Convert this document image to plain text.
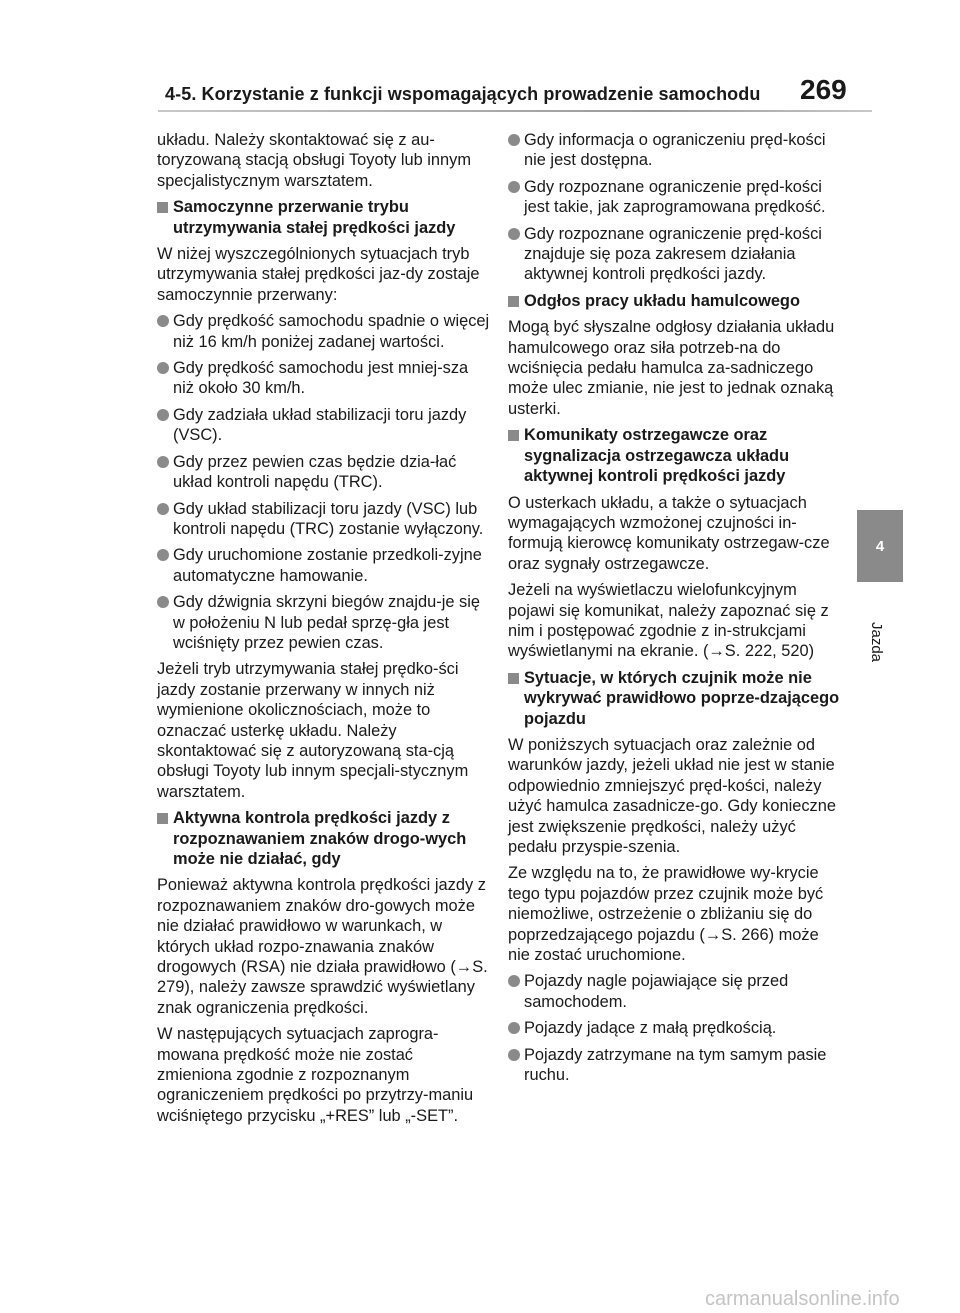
4-5. Korzystanie z funkcji wspomagających prowadzenie samochodu 269
4
Jazda
układu. Należy skontaktować się z au-toryzowaną stacją obsługi Toyoty lub innym specjalistycznym warsztatem.
Samoczynne przerwanie trybu utrzymywania stałej prędkości jazdy
W niżej wyszczególnionych sytuacjach tryb utrzymywania stałej prędkości jaz-dy zostaje samoczynnie przerwany:
Gdy prędkość samochodu spadnie o więcej niż 16 km/h poniżej zadanej wartości.
Gdy prędkość samochodu jest mniej-sza niż około 30 km/h.
Gdy zadziała układ stabilizacji toru jazdy (VSC).
Gdy przez pewien czas będzie dzia-łać układ kontroli napędu (TRC).
Gdy układ stabilizacji toru jazdy (VSC) lub kontroli napędu (TRC) zostanie wyłączony.
Gdy uruchomione zostanie przedkoli-zyjne automatyczne hamowanie.
Gdy dźwignia skrzyni biegów znajdu-je się w położeniu N lub pedał sprzę-gła jest wciśnięty przez pewien czas.
Jeżeli tryb utrzymywania stałej prędko-ści jazdy zostanie przerwany w innych niż wymienione okolicznościach, może to oznaczać usterkę układu. Należy skontaktować się z autoryzowaną sta-cją obsługi Toyoty lub innym specjali-stycznym warsztatem.
Aktywna kontrola prędkości jazdy z rozpoznawaniem znaków drogo-wych może nie działać, gdy
Ponieważ aktywna kontrola prędkości jazdy z rozpoznawaniem znaków dro-gowych może nie działać prawidłowo w warunkach, w których układ rozpo-znawania znaków drogowych (RSA) nie działa prawidłowo (→S. 279), należy zawsze sprawdzić wyświetlany znak ograniczenia prędkości.
W następujących sytuacjach zaprogra-mowana prędkość może nie zostać zmieniona zgodnie z rozpoznanym ograniczeniem prędkości po przytrzy-maniu wciśniętego przycisku „+RES” lub „-SET”.
Gdy informacja o ograniczeniu pręd-kości nie jest dostępna.
Gdy rozpoznane ograniczenie pręd-kości jest takie, jak zaprogramowana prędkość.
Gdy rozpoznane ograniczenie pręd-kości znajduje się poza zakresem działania aktywnej kontroli prędkości jazdy.
Odgłos pracy układu hamulcowego
Mogą być słyszalne odgłosy działania układu hamulcowego oraz siła potrzeb-na do wciśnięcia pedału hamulca za-sadniczego może ulec zmianie, nie jest to jednak oznaką usterki.
Komunikaty ostrzegawcze oraz sygnalizacja ostrzegawcza układu aktywnej kontroli prędkości jazdy
O usterkach układu, a także o sytuacjach wymagających wzmożonej czujności in-formują kierowcę komunikaty ostrzegaw-cze oraz sygnały ostrzegawcze.
Jeżeli na wyświetlaczu wielofunkcyjnym pojawi się komunikat, należy zapoznać się z nim i postępować zgodnie z in-strukcjami wyświetlanymi na ekranie. (→S. 222, 520)
Sytuacje, w których czujnik może nie wykrywać prawidłowo poprze-dzającego pojazdu
W poniższych sytuacjach oraz zależnie od warunków jazdy, jeżeli układ nie jest w stanie odpowiednio zmniejszyć pręd-kości, należy użyć hamulca zasadnicze-go. Gdy konieczne jest zwiększenie prędkości, należy użyć pedału przyspie-szenia.
Ze względu na to, że prawidłowe wy-krycie tego typu pojazdów przez czujnik może być niemożliwe, ostrzeżenie o zbliżaniu się do poprzedzającego pojazdu (→S. 266) może nie zostać uruchomione.
Pojazdy nagle pojawiające się przed samochodem.
Pojazdy jadące z małą prędkością.
Pojazdy zatrzymane na tym samym pasie ruchu.
carmanualsonline.info
